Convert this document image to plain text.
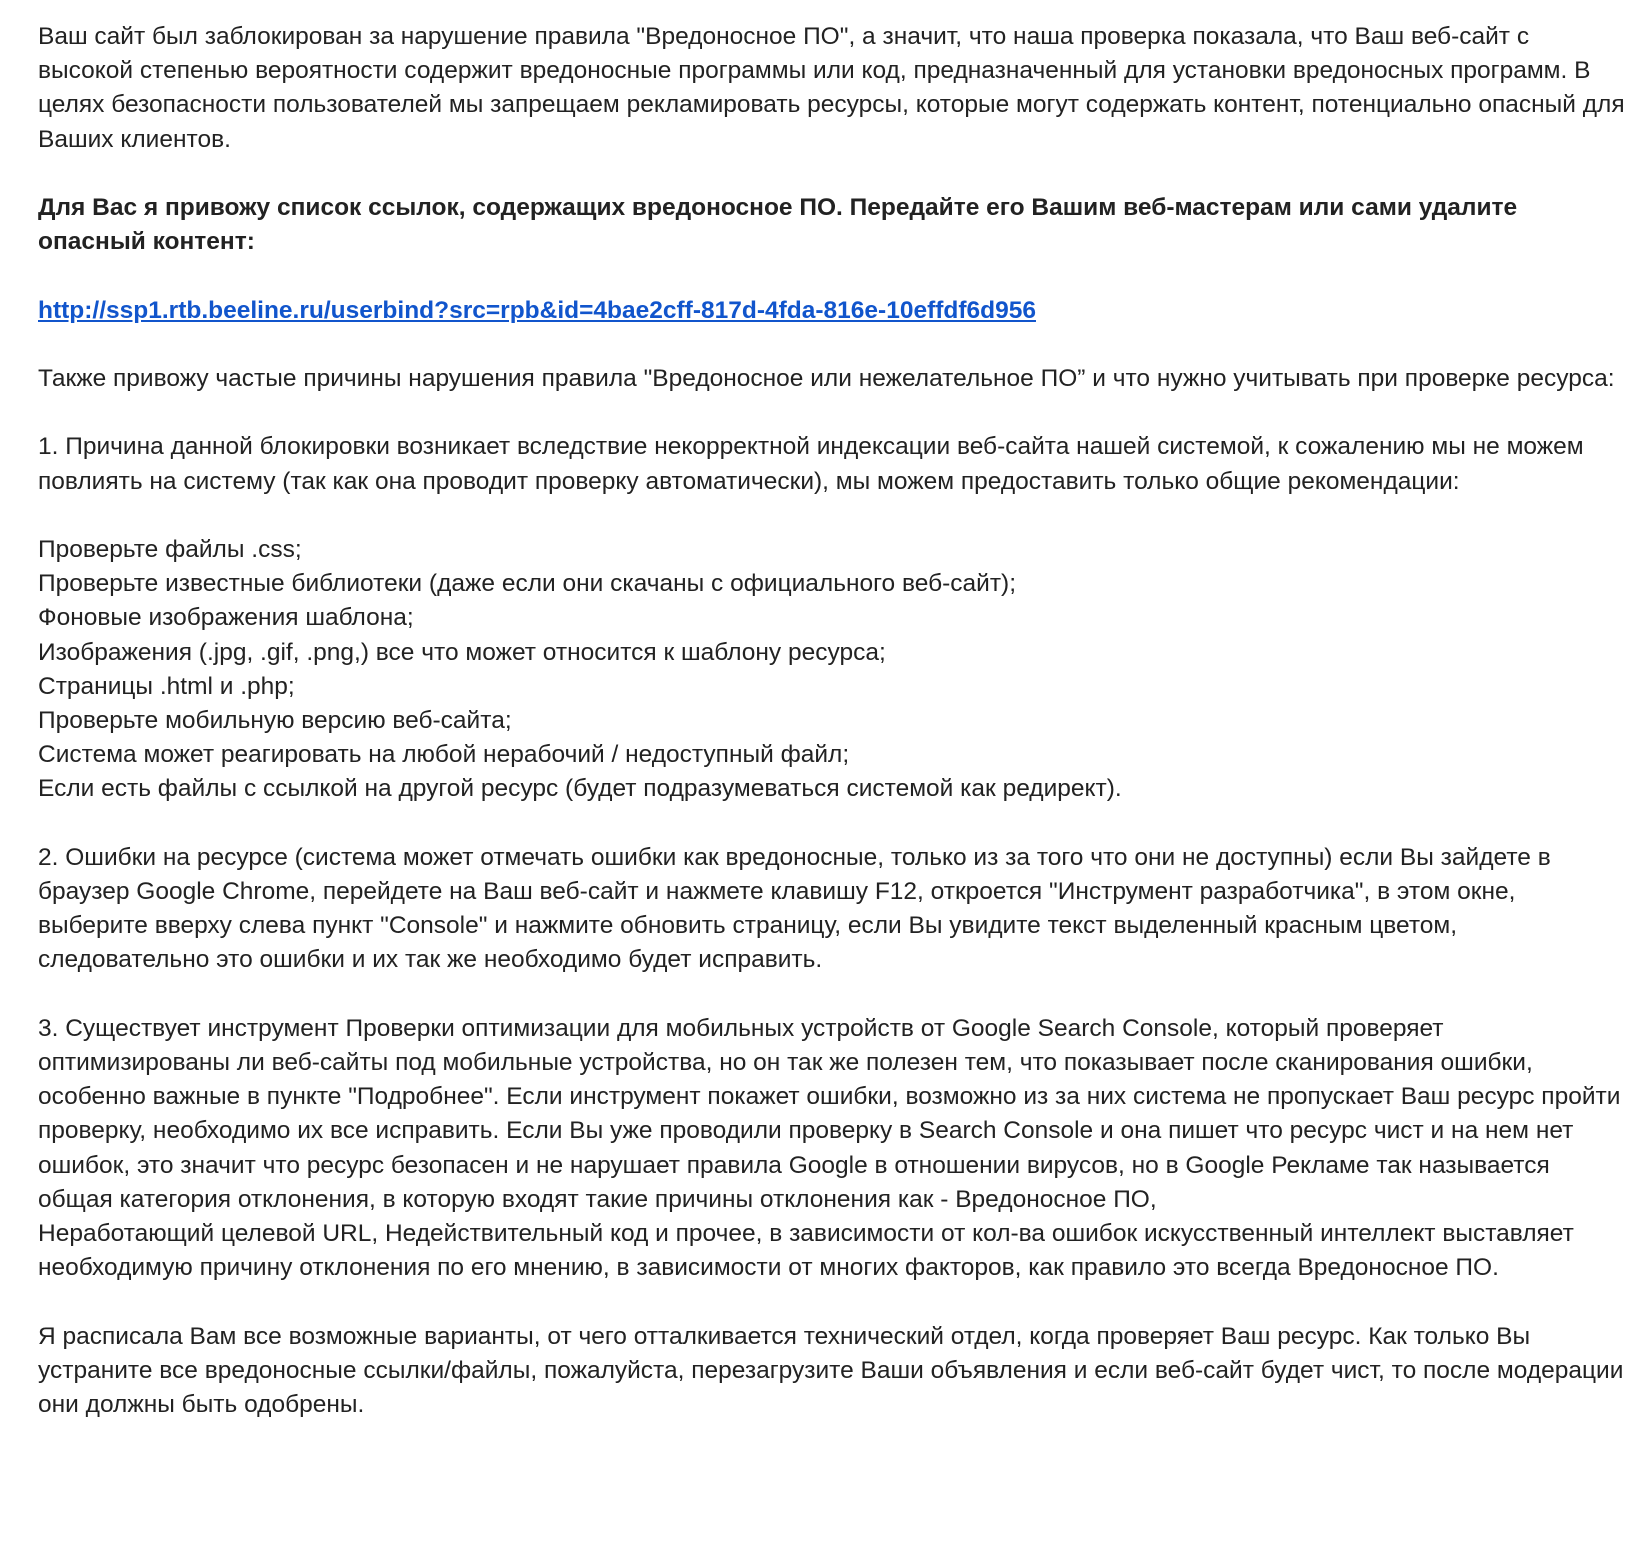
Ваш сайт был заблокирован за нарушение правила "Вредоносное ПО", а значит, что наша проверка показала, что Ваш веб-сайт с высокой степенью вероятности содержит вредоносные программы или код, предназначенный для установки вредоносных программ. В целях безопасности пользователей мы запрещаем рекламировать ресурсы, которые могут содержать контент, потенциально опасный для Ваших клиентов.

Для Вас я привожу список ссылок, содержащих вредоносное ПО. Передайте его Вашим веб-мастерам или сами удалите опасный контент:

http://ssp1.rtb.beeline.ru/userbind?src=rpb&id=4bae2cff-817d-4fda-816e-10effdf6d956

Также привожу частые причины нарушения правила "Вредоносное или нежелательное ПО” и что нужно учитывать при проверке ресурса:

1. Причина данной блокировки возникает вследствие некорректной индексации веб-сайта нашей системой, к сожалению мы не можем повлиять на систему (так как она проводит проверку автоматически), мы можем предоставить только общие рекомендации:

Проверьте файлы .css;
Проверьте известные библиотеки (даже если они скачаны с официального веб-сайт);
Фоновые изображения шаблона;
Изображения (.jpg, .gif, .png,) все что может относится к шаблону ресурса;
Страницы .html и .php;
Проверьте мобильную версию веб-сайта;
Система может реагировать на любой нерабочий / недоступный файл;
Если есть файлы с ссылкой на другой ресурс (будет подразумеваться системой как редирект).

2. Ошибки на ресурсе (система может отмечать ошибки как вредоносные, только из за того что они не доступны) если Вы зайдете в браузер Google Chrome, перейдете на Ваш веб-сайт и нажмете клавишу F12, откроется "Инструмент разработчика", в этом окне, выберите вверху слева пункт "Console" и нажмите обновить страницу, если Вы увидите текст выделенный красным цветом, следовательно это ошибки и их так же необходимо будет исправить.

3. Существует инструмент Проверки оптимизации для мобильных устройств от Google Search Console, который проверяет оптимизированы ли веб-сайты под мобильные устройства, но он так же полезен тем, что показывает после сканирования ошибки, особенно важные в пункте "Подробнее". Если инструмент покажет ошибки, возможно из за них система не пропускает Ваш ресурс пройти проверку, необходимо их все исправить. Если Вы уже проводили проверку в Search Console и она пишет что ресурс чист и на нем нет ошибок, это значит что ресурс безопасен и не нарушает правила Google в отношении вирусов, но в Google Рекламе так называется общая категория отклонения, в которую входят такие причины отклонения как - Вредоносное ПО,
Неработающий целевой URL, Недействительный код и прочее, в зависимости от кол-ва ошибок искусственный интеллект выставляет необходимую причину отклонения по его мнению, в зависимости от многих факторов, как правило это всегда Вредоносное ПО.

Я расписала Вам все возможные варианты, от чего отталкивается технический отдел, когда проверяет Ваш ресурс. Как только Вы устраните все вредоносные ссылки/файлы, пожалуйста, перезагрузите Ваши объявления и если веб-сайт будет чист, то после модерации они должны быть одобрены.
